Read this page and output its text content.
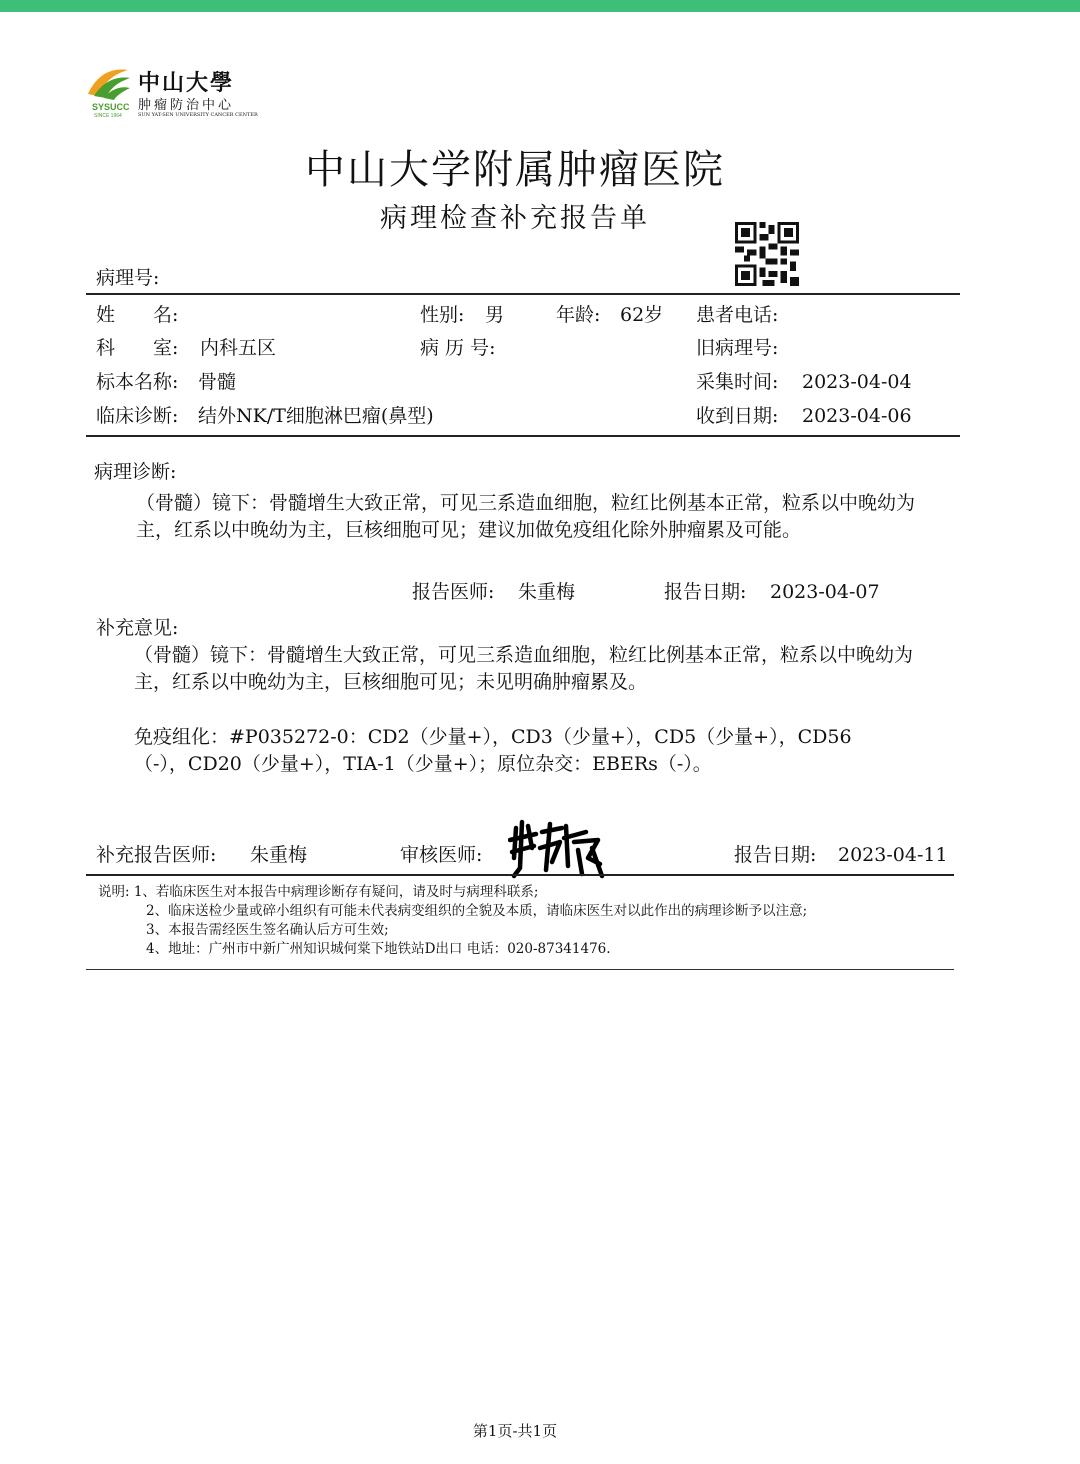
SYSUCC
SINCE 1964
中山大學
肿瘤防治中心
SUN YAT-SEN UNIVERSITY CANCER CENTER
中山大学附属肿瘤医院
病理检查补充报告单
病理号:
姓　　名:	性别: 男	年龄: 62岁 患者电话:
科　　室: 内科五区	病 历 号:	旧病理号:
标本名称: 骨髓	采集时间: 2023-04-04
临床诊断: 结外NK/T细胞淋巴瘤(鼻型)	收到日期: 2023-04-06
病理诊断:
（骨髓）镜下：骨髓增生大致正常，可见三系造血细胞，粒红比例基本正常，粒系以中晚幼为主，红系以中晚幼为主，巨核细胞可见；建议加做免疫组化除外肿瘤累及可能。
报告医师: 朱重梅	报告日期: 2023-04-07
补充意见:
（骨髓）镜下：骨髓增生大致正常，可见三系造血细胞，粒红比例基本正常，粒系以中晚幼为主，红系以中晚幼为主，巨核细胞可见；未见明确肿瘤累及。
免疫组化：#P035272-0：CD2（少量+），CD3（少量+），CD5（少量+），CD56
（-），CD20（少量+），TIA-1（少量+）；原位杂交：EBERs（-）。
补充报告医师: 朱重梅	审核医师:	报告日期: 2023-04-11
说明: 1、若临床医生对本报告中病理诊断存有疑问，请及时与病理科联系;
2、临床送检少量或碎小组织有可能未代表病变组织的全貌及本质，请临床医生对以此作出的病理诊断予以注意;
3、本报告需经医生签名确认后方可生效;
4、地址：广州市中新广州知识城何棠下地铁站D出口 电话：020-87341476.
第1页-共1页
